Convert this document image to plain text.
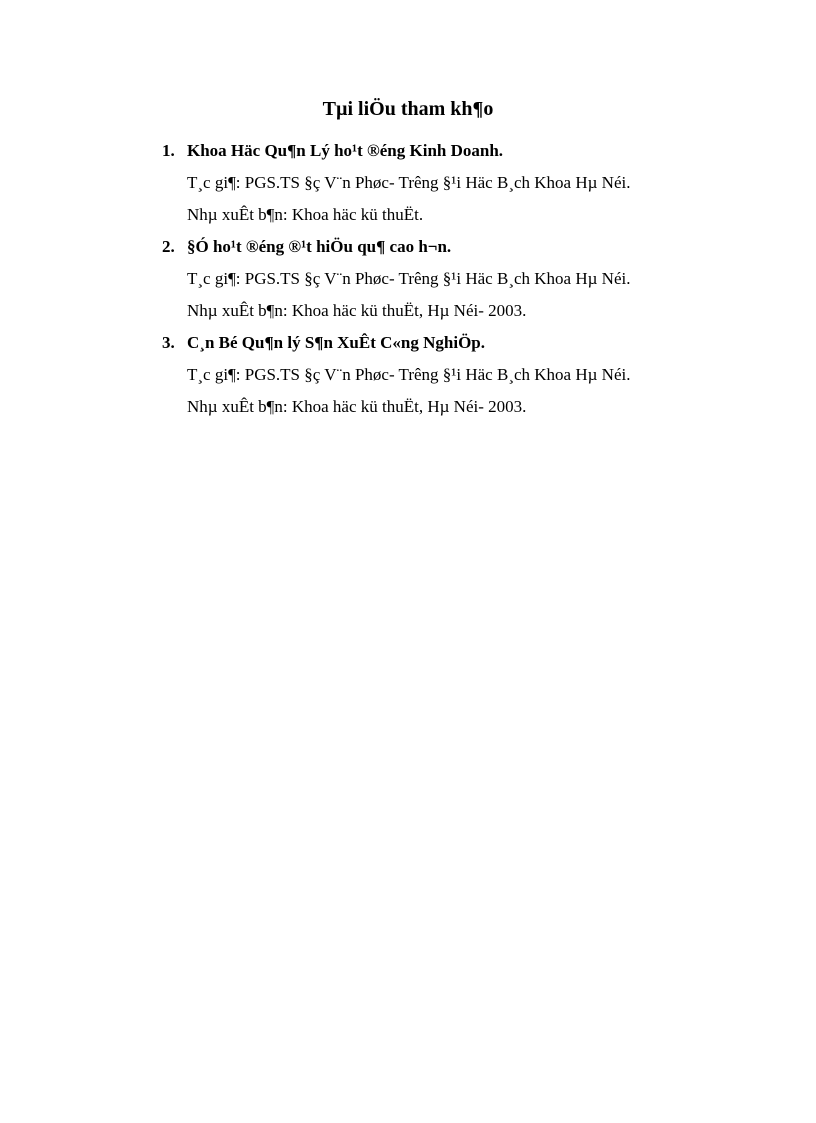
Tµi liÖu tham kh¶o
1. Khoa Häc Qu¶n Lý ho¹t ®éng Kinh Doanh.
T¸c gi¶: PGS.TS §ç V¨n Phøc- Trêng §¹i Häc B¸ch Khoa Hµ Néi.
Nhµ xuÊt b¶n: Khoa häc kü thuËt.
2. §Ó ho¹t ®éng ®¹t hiÖu qu¶ cao h¬n.
T¸c gi¶: PGS.TS §ç V¨n Phøc- Trêng §¹i Häc B¸ch Khoa Hµ Néi.
Nhµ xuÊt b¶n: Khoa häc kü thuËt, Hµ Néi- 2003.
3. C¸n Bé Qu¶n lý S¶n XuÊt C«ng NghiÖp.
T¸c gi¶: PGS.TS §ç V¨n Phøc- Trêng §¹i Häc B¸ch Khoa Hµ Néi.
Nhµ xuÊt b¶n: Khoa häc kü thuËt, Hµ Néi- 2003.
